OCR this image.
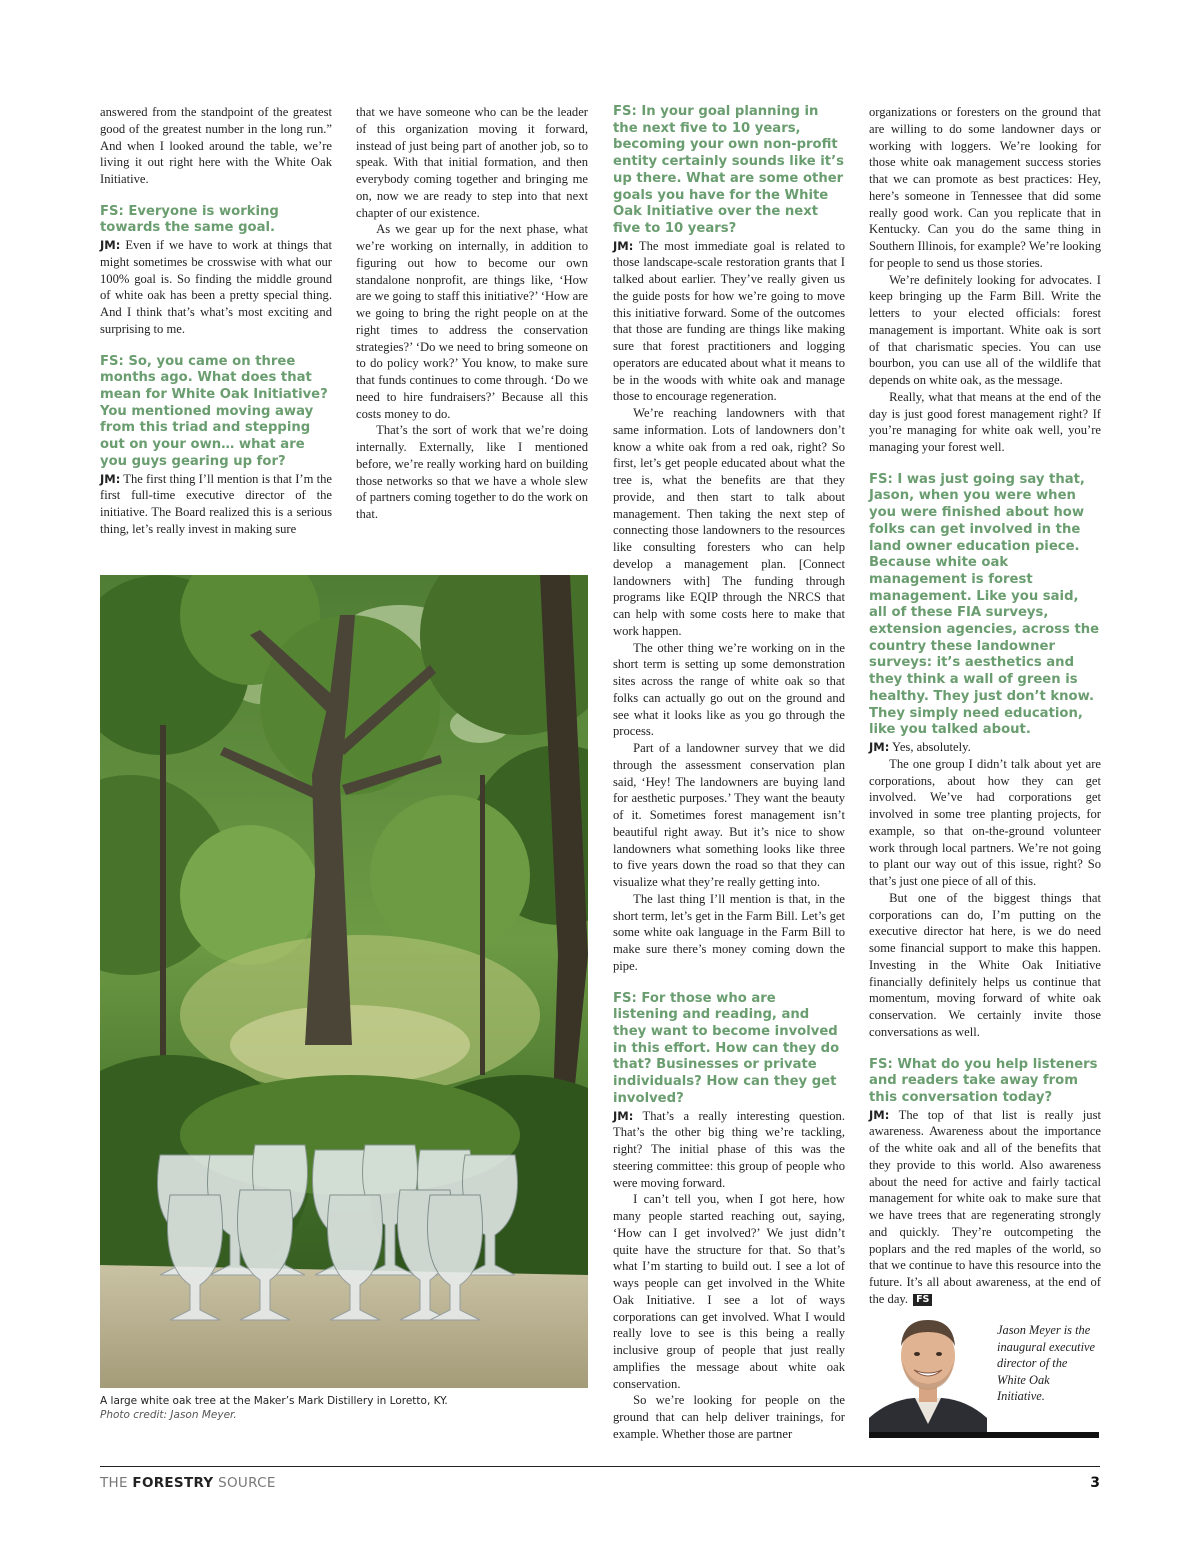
answered from the standpoint of the greatest good of the greatest number in the long run.” And when I looked around the table, we’re living it out right here with the White Oak Initiative.

FS: Everyone is working towards the same goal.

JM: Even if we have to work at things that might sometimes be crosswise with what our 100% goal is. So finding the middle ground of white oak has been a pretty special thing. And I think that’s what’s most exciting and surprising to me.

FS: So, you came on three months ago. What does that mean for White Oak Initiative? You mentioned moving away from this triad and stepping out on your own… what are you guys gearing up for?

JM: The first thing I’ll mention is that I’m the first full-time executive director of the initiative. The Board realized this is a serious thing, let’s really invest in making sure

that we have someone who can be the leader of this organization moving it forward, instead of just being part of another job, so to speak. With that initial formation, and then everybody coming together and bringing me on, now we are ready to step into that next chapter of our existence.

As we gear up for the next phase, what we’re working on internally, in addition to figuring out how to become our own standalone nonprofit, are things like, ‘How are we going to staff this initiative?’ ‘How are we going to bring the right people on at the right times to address the conservation strategies?’ ‘Do we need to bring someone on to do policy work?’ You know, to make sure that funds continues to come through. ‘Do we need to hire fundraisers?’ Because all this costs money to do.

That’s the sort of work that we’re doing internally. Externally, like I mentioned before, we’re really working hard on building those networks so that we have a whole slew of partners coming together to do the work on that.

FS: In your goal planning in the next five to 10 years, becoming your own non-profit entity certainly sounds like it’s up there. What are some other goals you have for the White Oak Initiative over the next five to 10 years?

JM: The most immediate goal is related to those landscape-scale restoration grants that I talked about earlier. They’ve really given us the guide posts for how we’re going to move this initiative forward. Some of the outcomes that those are funding are things like making sure that forest practitioners and logging operators are educated about what it means to be in the woods with white oak and manage those to encourage regeneration.

We’re reaching landowners with that same information. Lots of landowners don’t know a white oak from a red oak, right? So first, let’s get people educated about what the tree is, what the benefits are that they provide, and then start to talk about management. Then taking the next step of connecting those landowners to the resources like consulting foresters who can help develop a management plan. [Connect landowners with] The funding through programs like EQIP through the NRCS that can help with some costs here to make that work happen.

The other thing we’re working on in the short term is setting up some demonstration sites across the range of white oak so that folks can actually go out on the ground and see what it looks like as you go through the process.

Part of a landowner survey that we did through the assessment conservation plan said, ‘Hey! The landowners are buying land for aesthetic purposes.’ They want the beauty of it. Sometimes forest management isn’t beautiful right away. But it’s nice to show landowners what something looks like three to five years down the road so that they can visualize what they’re really getting into.

The last thing I’ll mention is that, in the short term, let’s get in the Farm Bill. Let’s get some white oak language in the Farm Bill to make sure there’s money coming down the pipe.

FS: For those who are listening and reading, and they want to become involved in this effort. How can they do that? Businesses or private individuals? How can they get involved?

JM: That’s a really interesting question. That’s the other big thing we’re tackling, right? The initial phase of this was the steering committee: this group of people who were moving forward.

I can’t tell you, when I got here, how many people started reaching out, saying, ‘How can I get involved?’ We just didn’t quite have the structure for that. So that’s what I’m starting to build out. I see a lot of ways people can get involved in the White Oak Initiative. I see a lot of ways corporations can get involved. What I would really love to see is this being a really inclusive group of people that just really amplifies the message about white oak conservation.

So we’re looking for people on the ground that can help deliver trainings, for example. Whether those are partner

organizations or foresters on the ground that are willing to do some landowner days or working with loggers. We’re looking for those white oak management success stories that we can promote as best practices: Hey, here’s someone in Tennessee that did some really good work. Can you replicate that in Kentucky. Can you do the same thing in Southern Illinois, for example? We’re looking for people to send us those stories.

We’re definitely looking for advocates. I keep bringing up the Farm Bill. Write the letters to your elected officials: forest management is important. White oak is sort of that charismatic species. You can use bourbon, you can use all of the wildlife that depends on white oak, as the message.

Really, what that means at the end of the day is just good forest management right? If you’re managing for white oak well, you’re managing your forest well.

FS: I was just going say that, Jason, when you were when you were finished about how folks can get involved in the land owner education piece. Because white oak management is forest management. Like you said, all of these FIA surveys, extension agencies, across the country these landowner surveys: it’s aesthetics and they think a wall of green is healthy. They just don’t know. They simply need education, like you talked about.

JM: Yes, absolutely.

The one group I didn’t talk about yet are corporations, about how they can get involved. We’ve had corporations get involved in some tree planting projects, for example, so that on-the-ground volunteer work through local partners. We’re not going to plant our way out of this issue, right? So that’s just one piece of all of this.

But one of the biggest things that corporations can do, I’m putting on the executive director hat here, is we do need some financial support to make this happen. Investing in the White Oak Initiative financially definitely helps us continue that momentum, moving forward of white oak conservation. We certainly invite those conversations as well.

FS: What do you help listeners and readers take away from this conversation today?

JM: The top of that list is really just awareness. Awareness about the importance of the white oak and all of the benefits that they provide to this world. Also awareness about the need for active and fairly tactical management for white oak to make sure that we have trees that are regenerating strongly and quickly. They’re outcompeting the poplars and the red maples of the world, so that we continue to have this resource into the future. It’s all about awareness, at the end of the day. FS

A large white oak tree at the Maker’s Mark Distillery in Loretto, KY.
Photo credit: Jason Meyer.
Jason Meyer is the inaugural executive director of the White Oak Initiative.
THE FORESTRY SOURCE	3
